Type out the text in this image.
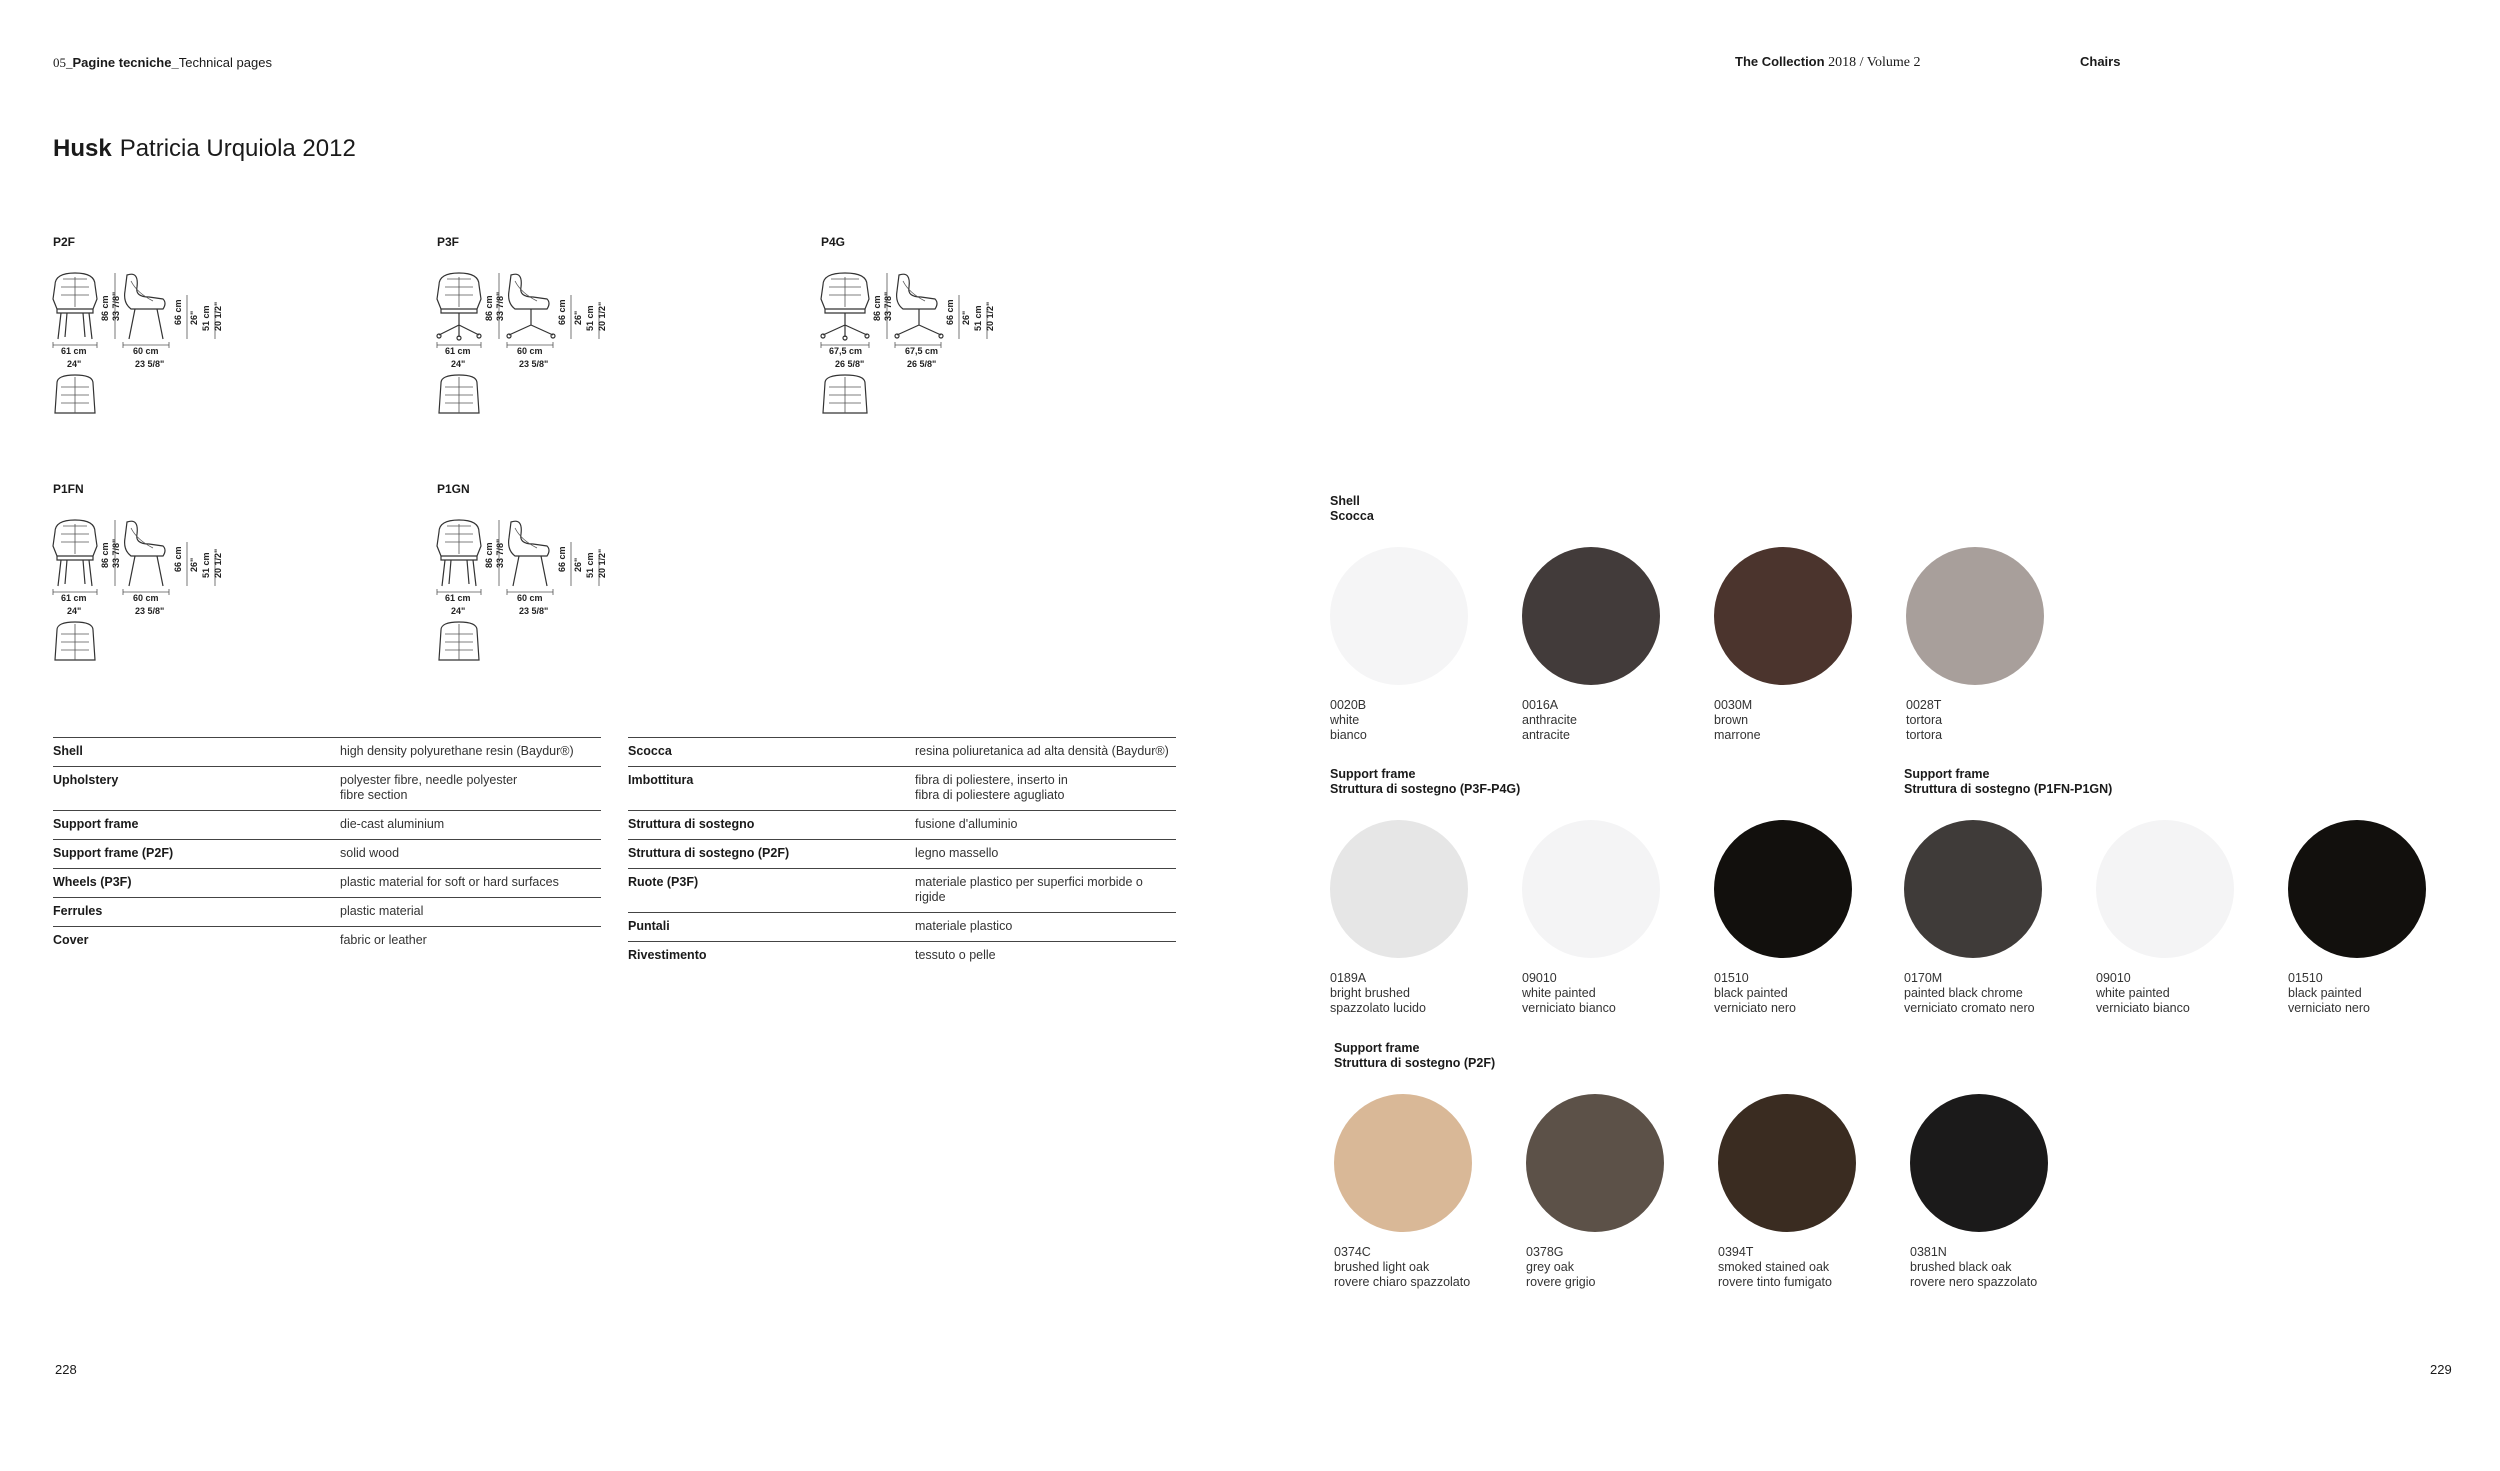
05_Pagine tecniche_Technical pages	The Collection 2018 / Volume 2	Chairs
Husk Patricia Urquiola 2012
P2F
61 cm
24"
60 cm
23 5/8"
86 cm 33 7/8"	66 cm 26" 51 cm 20 1/2"
P3F
61 cm
24"
60 cm
23 5/8"
86 cm 33 7/8"	66 cm 26" 51 cm 20 1/2"
P4G
67,5 cm
26 5/8"
67,5 cm
26 5/8"
86 cm 33 7/8"	66 cm 26" 51 cm 20 1/2"
P1FN
61 cm
24"
60 cm
23 5/8"
86 cm 33 7/8"	66 cm 26" 51 cm 20 1/2"
P1GN
61 cm
24"
60 cm
23 5/8"
86 cm 33 7/8"	66 cm 26" 51 cm 20 1/2"
Shell	high density polyurethane resin (Baydur®)
Upholstery	polyester fibre, needle polyester
fibre section
Support frame	die-cast aluminium
Support frame (P2F)	solid wood
Wheels (P3F)	plastic material for soft or hard surfaces
Ferrules	plastic material
Cover	fabric or leather
Scocca	resina poliuretanica ad alta densità (Baydur®)
Imbottitura	fibra di poliestere, inserto in
fibra di poliestere agugliato
Struttura di sostegno	fusione d'alluminio
Struttura di sostegno (P2F)	legno massello
Ruote (P3F)	materiale plastico per superfici morbide o rigide
Puntali	materiale plastico
Rivestimento	tessuto o pelle
Shell
Scocca
Support frame
Struttura di sostegno (P3F-P4G)
Support frame
Struttura di sostegno (P1FN-P1GN)
Support frame
Struttura di sostegno (P2F)
0020B
white
bianco
0016A
anthracite
antracite
0030M
brown
marrone
0028T
tortora
tortora
0189A
bright brushed
spazzolato lucido
09010
white painted
verniciato bianco
01510
black painted
verniciato nero
0170M
painted black chrome
verniciato cromato nero
09010
white painted
verniciato bianco
01510
black painted
verniciato nero
0374C
brushed light oak
rovere chiaro spazzolato
0378G
grey oak
rovere grigio
0394T
smoked stained oak
rovere tinto fumigato
0381N
brushed black oak
rovere nero spazzolato
228	229
